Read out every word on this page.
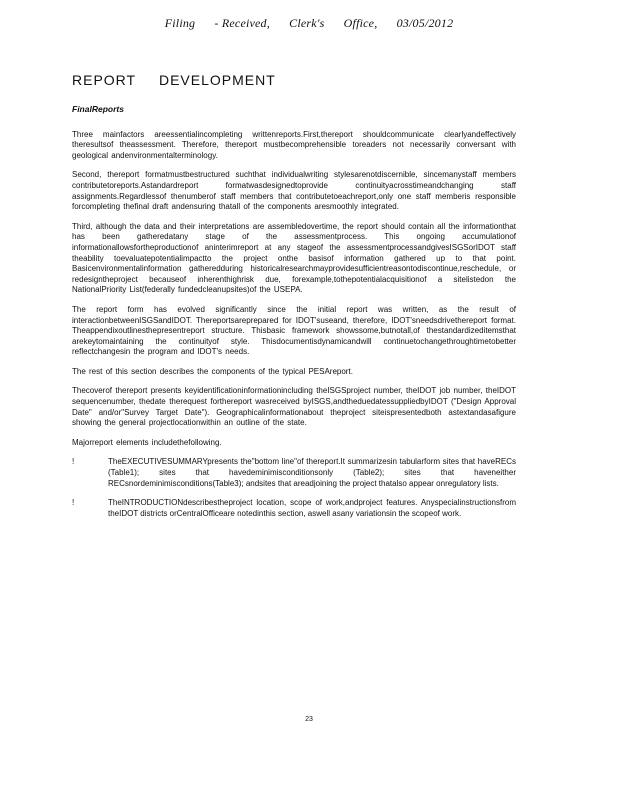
Filing - Received, Clerk's Office, 03/05/2012
REPORT DEVELOPMENT

FinalReports

Three mainfactors areessentialincompleting writtenreports.First,thereport shouldcommunicate clearlyandeffectively theresultsof theassessment. Therefore, thereport mustbecomprehensible toreaders not necessarily conversant with geological andenvironmentalterminology.

Second, thereport formatmustbestructured suchthat individualwriting stylesarenotdiscernible, sincemanystaff members contributetoreports.Astandardreport formatwasdesignedtoprovide continuityacrosstimeandchanging staff assignments.Regardlessof thenumberof staff members that contributetoeachreport,only one staff memberis responsible forcompleting thefinal draft andensuring thatall of the components aresmoothly integrated.

Third, although the data and their interpretations are assembledovertime, the report should contain all the informationthat has been gatheredatany stage of the assessmentprocess. This ongoing accumulationof informationallowsfortheproductionof aninterimreport at any stageof the assessmentprocessandgivesISGSorIDOT staff theability toevaluatepotentialimpactto the project onthe basisof information gathered up to that point. Basicenvironmentalinformation gatheredduring historicalresearchmayprovidesufficientreasontodiscontinue,reschedule, or redesigntheproject becauseof inherenthighrisk due, forexample,tothepotentialacquisitionof a sitelistedon the NationalPriority List(federally fundedcleanupsites)of the USEPA.

The report form has evolved significantly since the initial report was written, as the result of interactionbetweenISGSandIDOT. Thereportsareprepared for IDOT'suseand, therefore, IDOT'sneedsdrivethereport format. Theappendixoutlinesthepresentreport structure. Thisbasic framework showssome,butnotall,of thestandardizeditemsthat arekeytomaintaining the continuityof style. Thisdocumentisdynamicandwill continuetochangethroughtimetobetter reflectchangesin the program and IDOT's needs.

The rest of this section describes the components of the typical PESAreport.

Thecoverof thereport presents keyidentificationinformationincluding theISGSproject number, theIDOT job number, theIDOT sequencenumber, thedate therequest forthereport wasreceived byISGS,andtheduedatessuppliedbyIDOT ("Design Approval Date" and/or"Survey Target Date"). Geographicalinformationabout theproject siteispresentedboth astextandasafigure showing the general projectlocationwithin an outline of the state.

Majorreport elements includethefollowing.

!	TheEXECUTIVESUMMARYpresents the"bottom line"of thereport.It summarizesin tabularform sites that haveRECs (Table1); sites that havedeminimisconditionsonly (Table2); sites that haveneither RECsnordeminimisconditions(Table3); andsites that areadjoining the project thatalso appear onregulatory lists.
!	TheINTRODUCTIONdescribestheproject location, scope of work,andproject features. Anyspecialinstructionsfrom theIDOT districts orCentralOfficeare notedinthis section, aswell asany variationsin the scopeof work.
23
